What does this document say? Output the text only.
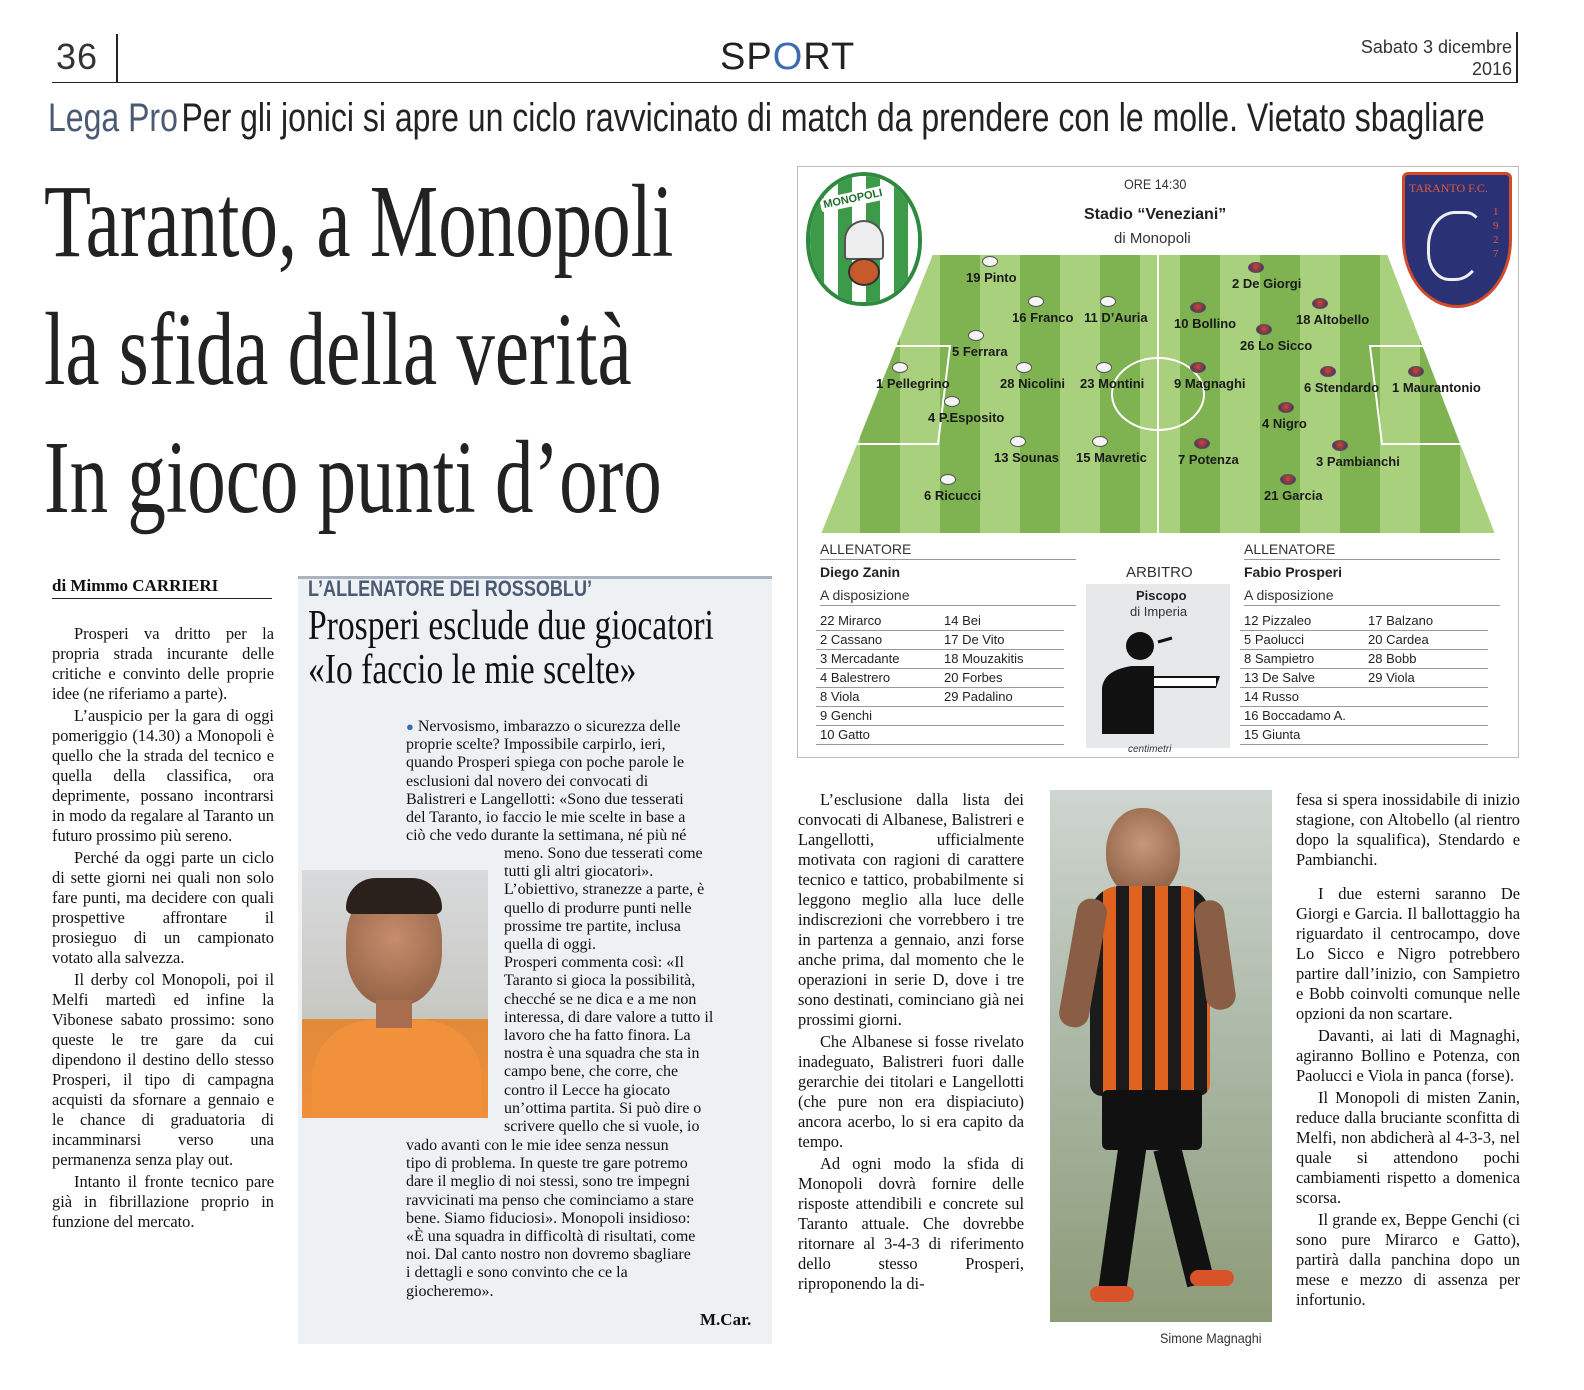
36	SPORT	Sabato 3 dicembre
2016
Lega Pro Per gli jonici si apre un ciclo ravvicinato di match da prendere con le molle. Vietato sbagliare
Taranto, a Monopoli
la sfida della verità
In gioco punti d’oro
di Mimmo CARRIERI

Prosperi va dritto per la propria strada incurante delle critiche e convinto delle proprie idee (ne riferiamo a parte).

L’auspicio per la gara di oggi pomeriggio (14.30) a Monopoli è quello che la strada del tecnico e quella della classifica, ora deprimente, possano incontrarsi in modo da regalare al Taranto un futuro prossimo più sereno.

Perché da oggi parte un ciclo di sette giorni nei quali non solo fare punti, ma decidere con quali prospettive affrontare il prosieguo di un campionato votato alla salvezza.

Il derby col Monopoli, poi il Melfi martedì ed infine la Vibonese sabato prossimo: sono queste le tre gare da cui dipendono il destino dello stesso Prosperi, il tipo di campagna acquisti da sfornare a gennaio e le chance di graduatoria di incamminarsi verso una permanenza senza play out.

Intanto il fronte tecnico pare già in fibrillazione proprio in funzione del mercato.

L’ALLENATORE DEI ROSSOBLU’
Prosperi esclude due giocatori
«Io faccio le mie scelte»
● Nervosismo, imbarazzo o sicurezza delle
proprie scelte? Impossibile carpirlo, ieri,
quando Prosperi spiega con poche parole le
esclusioni dal novero dei convocati di
Balistreri e Langellotti: «Sono due tesserati
del Taranto, io faccio le mie scelte in base a
ciò che vedo durante la settimana, né più né
meno. Sono due tesserati come
tutti gli altri giocatori».
L’obiettivo, stranezze a parte, è
quello di produrre punti nelle
prossime tre partite, inclusa
quella di oggi.
Prosperi commenta così: «Il
Taranto si gioca la possibilità,
checché se ne dica e a me non
interessa, di dare valore a tutto il
lavoro che ha fatto finora. La
nostra è una squadra che sta in
campo bene, che corre, che
contro il Lecce ha giocato
un’ottima partita. Si può dire o
scrivere quello che si vuole, io
vado avanti con le mie idee senza nessun
tipo di problema. In queste tre gare potremo
dare il meglio di noi stessi, sono tre impegni
ravvicinati ma penso che cominciamo a stare
bene. Siamo fiduciosi». Monopoli insidioso:
«È una squadra in difficoltà di risultati, come
noi. Dal canto nostro non dovremo sbagliare
i dettagli e sono convinto che ce la
giocheremo».
M.Car.
MONOPOLI	TARANTO F.C.
1927
ORE 14:30
Stadio “Veneziani”
di Monopoli
19 Pinto
16 Franco 11 D’Auria
5 Ferrara
1 Pellegrino	28 Nicolini 23 Montini
4 P.Esposito
13 Sounas 15 Mavretic
6 Ricucci
2 De Giorgi
18 Altobello
10 Bollino
26 Lo Sicco
9 Magnaghi	6 Stendardo 1 Maurantonio
4 Nigro
7 Potenza	3 Pambianchi
21 Garcia
ALLENATORE
Diego Zanin
A disposizione
22 Mirarco	14 Bei
2 Cassano	17 De Vito
3 Mercadante	18 Mouzakitis
4 Balestrero	20 Forbes
8 Viola	29 Padalino
9 Genchi	
10 Gatto	
ARBITRO
Piscopo
di Imperia
centimetri
ALLENATORE
Fabio Prosperi
A disposizione
12 Pizzaleo	17 Balzano
5 Paolucci	20 Cardea
8 Sampietro	28 Bobb
13 De Salve	29 Viola
14 Russo	
16 Boccadamo A.	
15 Giunta	

L’esclusione dalla lista dei convocati di Albanese, Balistreri e Langellotti, ufficialmente motivata con ragioni di carattere tecnico e tattico, probabilmente si leggono meglio alla luce delle indiscrezioni che vorrebbero i tre in partenza a gennaio, anzi forse anche prima, dal momento che le operazioni in serie D, dove i tre sono destinati, cominciano già nei prossimi giorni.

Che Albanese si fosse rivelato inadeguato, Balistreri fuori dalle gerarchie dei titolari e Langellotti (che pure non era dispiaciuto) ancora acerbo, lo si era capito da tempo.

Ad ogni modo la sfida di Monopoli dovrà fornire delle risposte attendibili e concrete sul Taranto attuale. Che dovrebbe ritornare al 3-4-3 di riferimento dello stesso Prosperi, riproponendo la di-

Simone Magnaghi

fesa si spera inossidabile di inizio stagione, con Altobello (al rientro dopo la squalifica), Stendardo e Pambianchi.

I due esterni saranno De Giorgi e Garcia. Il ballottaggio ha riguardato il centrocampo, dove Lo Sicco e Nigro potrebbero partire dall’inizio, con Sampietro e Bobb coinvolti comunque nelle opzioni da non scartare.

Davanti, ai lati di Magnaghi, agiranno Bollino e Potenza, con Paolucci e Viola in panca (forse).

Il Monopoli di misten Zanin, reduce dalla bruciante sconfitta di Melfi, non abdicherà al 4-3-3, nel quale si attendono pochi cambiamenti rispetto a domenica scorsa.

Il grande ex, Beppe Genchi (ci sono pure Mirarco e Gatto), partirà dalla panchina dopo un mese e mezzo di assenza per infortunio.
